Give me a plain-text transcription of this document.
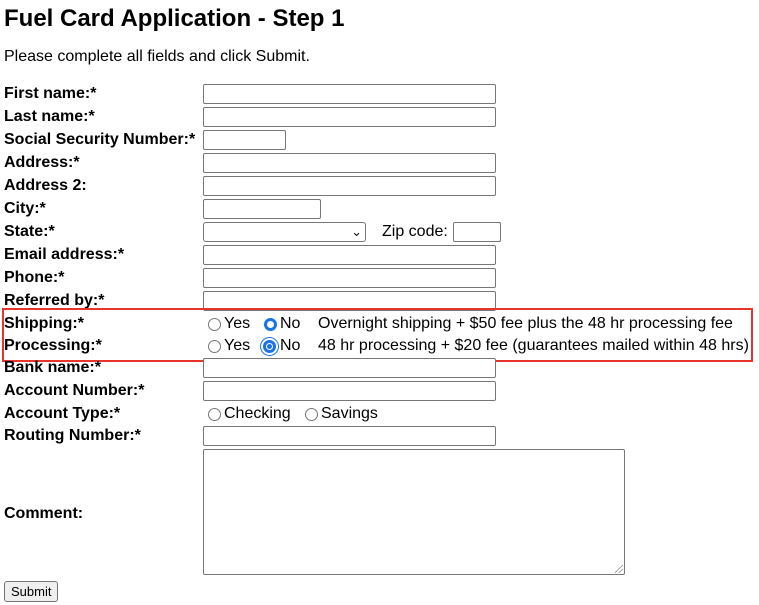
Fuel Card Application - Step 1
Please complete all fields and click Submit.
First name:*
Last name:*
Social Security Number:*
Address:*
Address 2:
City:*
State:*	⌄ Zip code:
Email address:*
Phone:*
Referred by:*
Shipping:*	Yes No Overnight shipping + $50 fee plus the 48 hr processing fee
Processing:*	Yes No 48 hr processing + $20 fee (guarantees mailed within 48 hrs)
Bank name:*
Account Number:*
Account Type:*	Checking Savings
Routing Number:*
Comment:
Submit
